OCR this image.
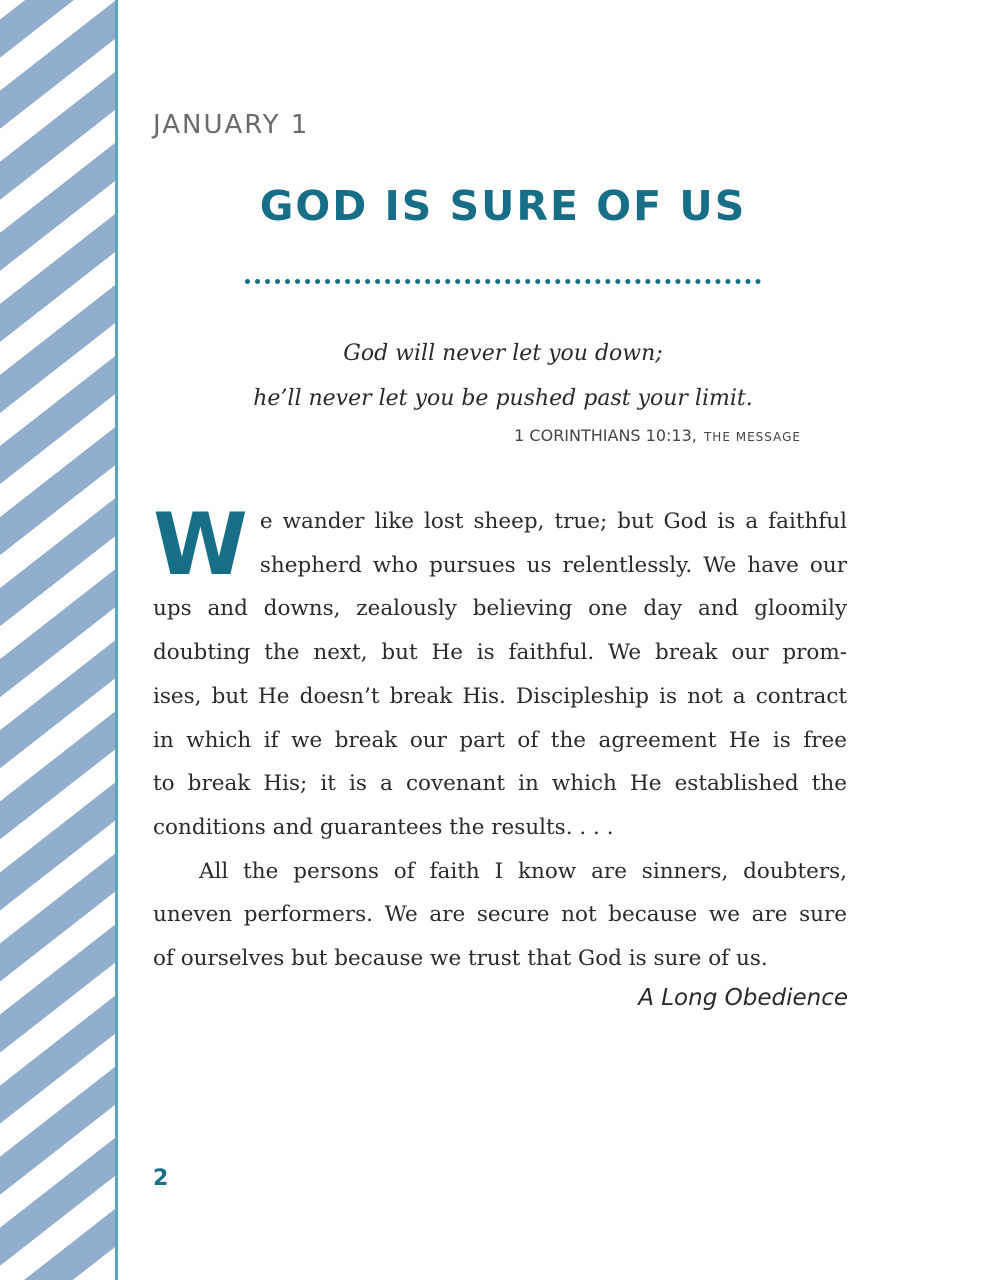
JANUARY 1
GOD IS SURE OF US
God will never let you down;
he’ll never let you be pushed past your limit.
1 CORINTHIANS 10:13, THE MESSAGE
W e wander like lost sheep, true; but God is a faithful
shepherd who pursues us relentlessly. We have our
ups and downs, zealously believing one day and gloomily
doubting the next, but He is faithful. We break our prom-
ises, but He doesn’t break His. Discipleship is not a contract
in which if we break our part of the agreement He is free
to break His; it is a covenant in which He established the
conditions and guarantees the results. . . .
All the persons of faith I know are sinners, doubters,
uneven performers. We are secure not because we are sure
of ourselves but because we trust that God is sure of us.
A Long Obedience
2
